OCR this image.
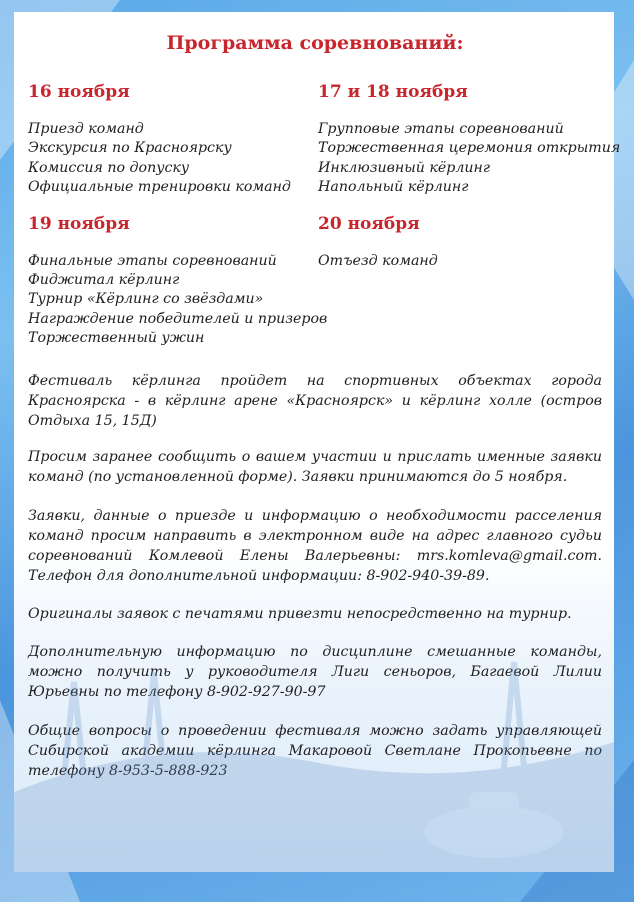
Программа соревнований:
16 ноября
Приезд команд
Экскурсия по Красноярску
Комиссия по допуску
Официальные тренировки команд
17 и 18 ноября
Групповые этапы соревнований
Торжественная церемония открытия
Инклюзивный кёрлинг
Напольный кёрлинг
19 ноября
Финальные этапы соревнований
Фиджитал кёрлинг
Турнир «Кёрлинг со звёздами»
Награждение победителей и призеров
Торжественный ужин
20 ноября
Отъезд команд

Фестиваль кёрлинга пройдет на спортивных объектах города Красноярска - в кёрлинг арене «Красноярск» и кёрлинг холле (остров Отдыха 15, 15Д)

Просим заранее сообщить о вашем участии и прислать именные заявки команд (по установленной форме). Заявки принимаются до 5 ноября.

Заявки, данные о приезде и информацию о необходимости расселения команд просим направить в электронном виде на адрес главного судьи соревнований Комлевой Елены Валерьевны: mrs.komleva@gmail.com. Телефон для дополнительной информации: 8-902-940-39-89.

Оригиналы заявок с печатями привезти непосредственно на турнир.

Дополнительную информацию по дисциплине смешанные команды, можно получить у руководителя Лиги сеньоров, Багаевой Лилии Юрьевны по телефону 8-902-927-90-97

Общие вопросы о проведении фестиваля можно задать управляющей Сибирской академии кёрлинга Макаровой Светлане Прокопьевне по телефону 8-953-5-888-923
